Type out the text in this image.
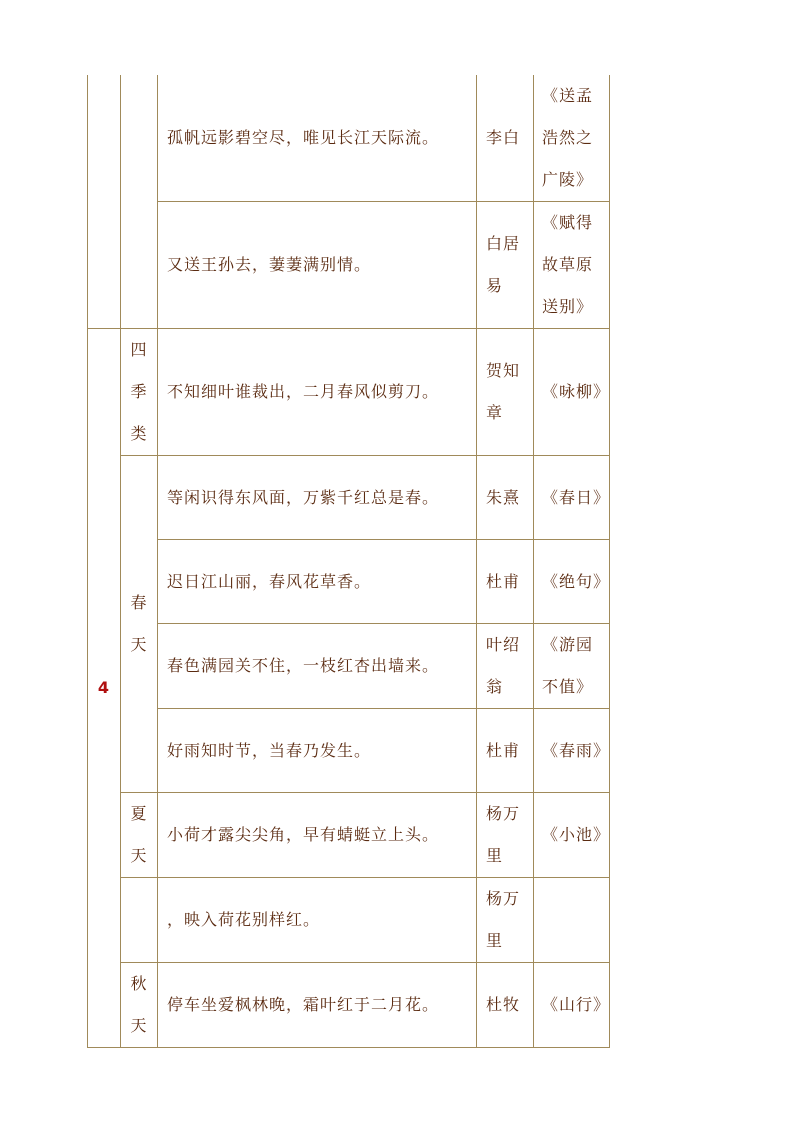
		孤帆远影碧空尽，唯见长江天际流。	李白	《送孟浩然之广陵》
		又送王孙去，萋萋满别情。	白居易	《赋得故草原送别》
4	四季类	不知细叶谁裁出，二月春风似剪刀。	贺知章	《咏柳》
	春天	等闲识得东风面，万紫千红总是春。	朱熹	《春日》
		迟日江山丽，春风花草香。	杜甫	《绝句》
		春色满园关不住，一枝红杏出墙来。	叶绍翁	《游园不值》
		好雨知时节，当春乃发生。	杜甫	《春雨》
	夏天	小荷才露尖尖角，早有蜻蜓立上头。	杨万里	《小池》
		，映入荷花别样红。	杨万里	
	秋天	停车坐爱枫林晚，霜叶红于二月花。	杜牧	《山行》
